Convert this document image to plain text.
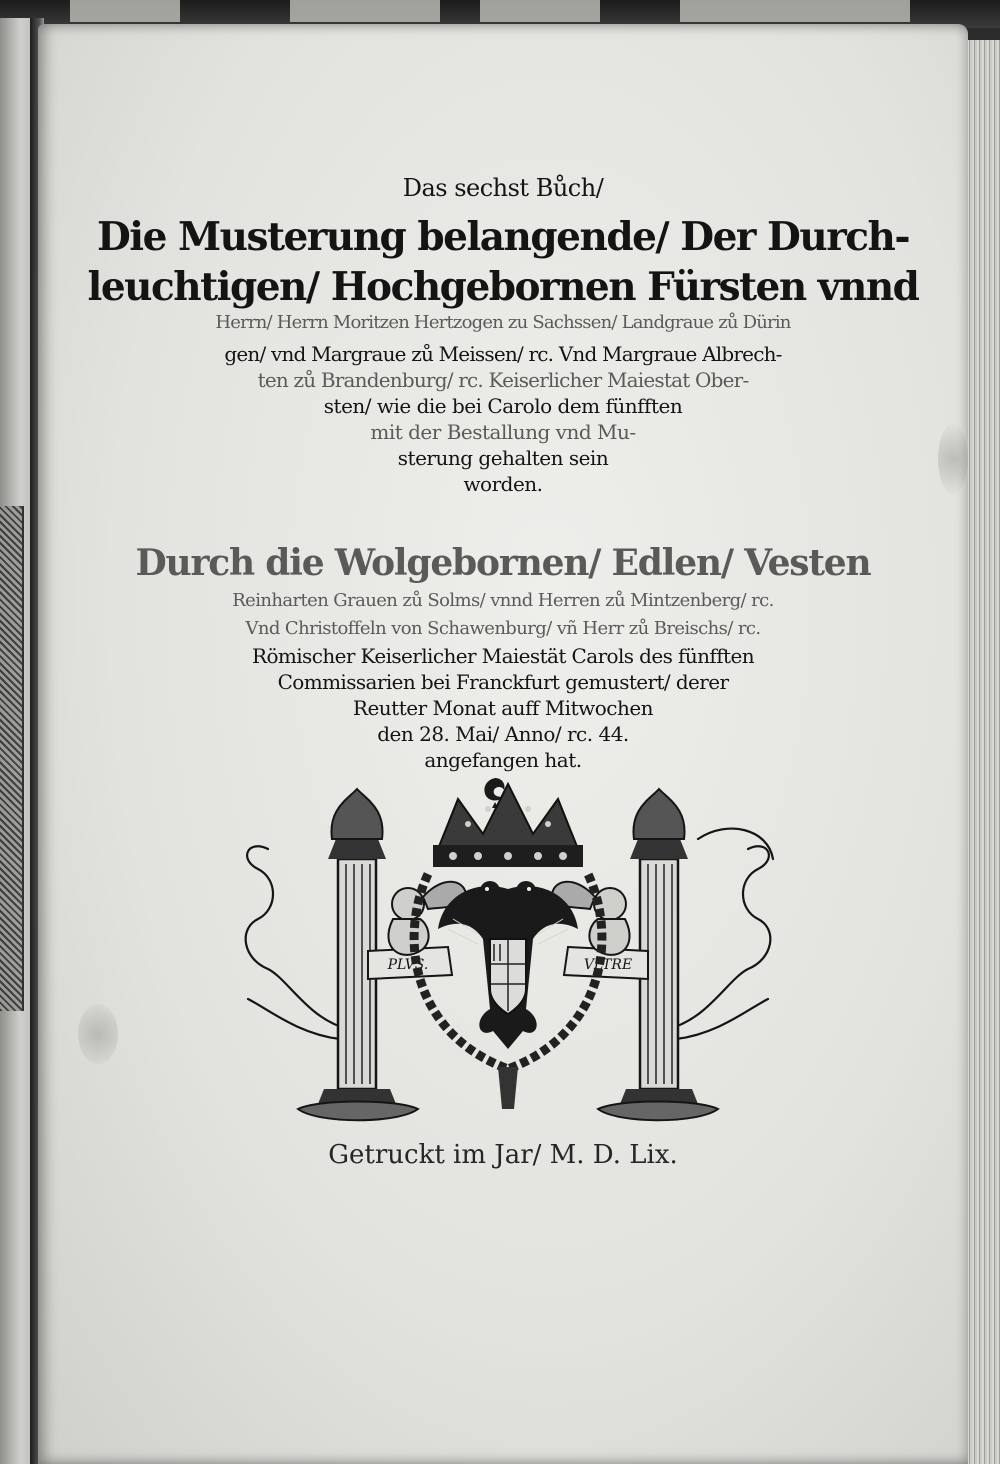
Das sechst Bůch/
Die Musterung belangende/ Der Durch-
leuchtigen/ Hochgebornen Fürsten vnnd
Herrn/ Herrn Moritzen Hertzogen zu Sachssen/ Landgraue zů Dürin
gen/ vnd Margraue zů Meissen/ rc. Vnd Margraue Albrech-
ten zů Brandenburg/ rc. Keiserlicher Maiestat Ober-
sten/ wie die bei Carolo dem fünfften
mit der Bestallung vnd Mu-
sterung gehalten sein
worden.
Durch die Wolgebornen/ Edlen/ Vesten
Reinharten Grauen zů Solms/ vnnd Herren zů Mintzenberg/ rc.
Vnd Christoffeln von Schawenburg/ vñ Herr zů Breischs/ rc.
Römischer Keiserlicher Maiestät Carols des fünfften
Commissarien bei Franckfurt gemustert/ derer
Reutter Monat auff Mitwochen
den 28. Mai/ Anno/ rc. 44.
angefangen hat.
PLVS.	VLTRE
Getruckt im Jar/ M. D. Lix.
